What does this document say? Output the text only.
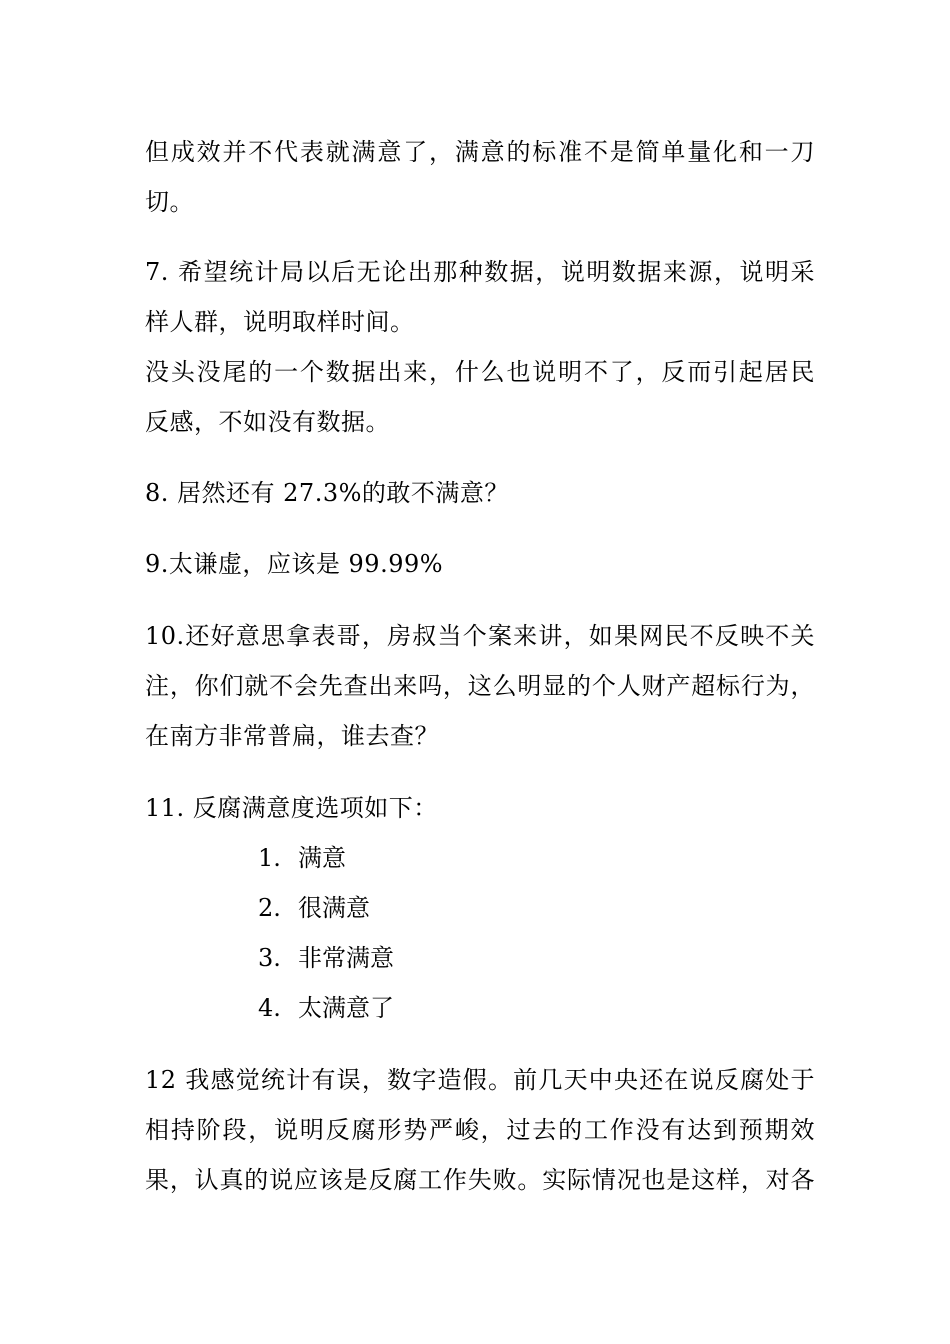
但成效并不代表就满意了，满意的标准不是简单量化和一刀
切。
7. 希望统计局以后无论出那种数据，说明数据来源，说明采
样人群，说明取样时间。
没头没尾的一个数据出来，什么也说明不了，反而引起居民
反感，不如没有数据。
8. 居然还有 27.3%的敢不满意？
9.太谦虚，应该是 99.99%
10.还好意思拿表哥，房叔当个案来讲，如果网民不反映不关
注，你们就不会先查出来吗，这么明显的个人财产超标行为，
在南方非常普扁，谁去查？
11. 反腐满意度选项如下：
1. 满意
2. 很满意
3. 非常满意
4. 太满意了
12 我感觉统计有误，数字造假。前几天中央还在说反腐处于
相持阶段，说明反腐形势严峻，过去的工作没有达到预期效
果，认真的说应该是反腐工作失败。实际情况也是这样，对各
